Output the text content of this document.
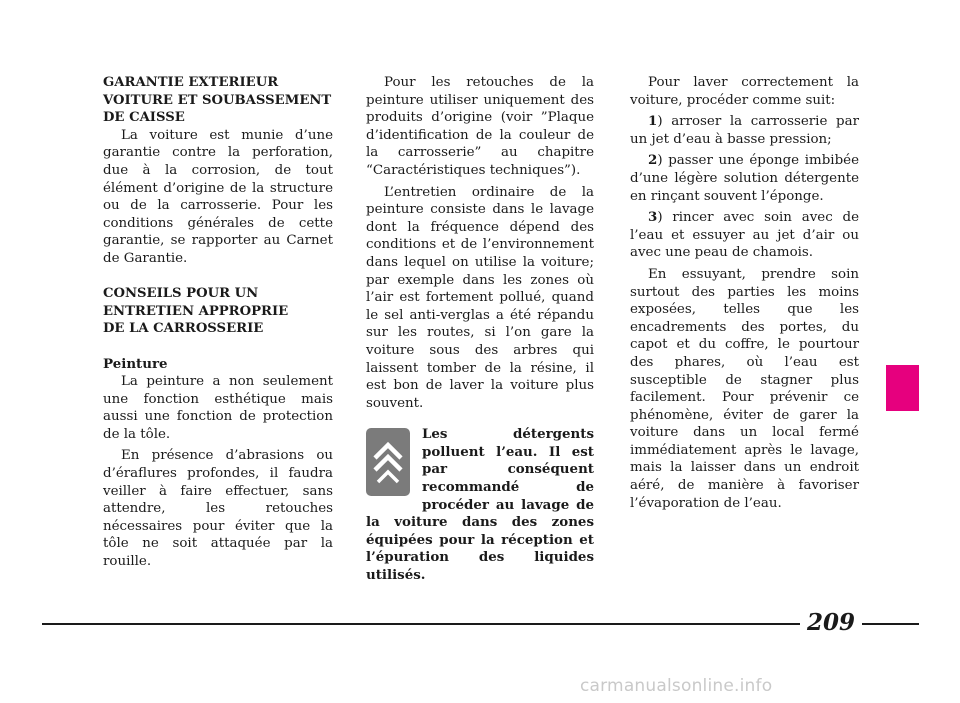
GARANTIE EXTERIEUR
VOITURE ET SOUBASSEMENT
DE CAISSE

La voiture est munie d’une garantie contre la perforation, due à la corrosion, de tout élément d’origine de la structure ou de la carrosserie. Pour les conditions générales de cette garantie, se rapporter au Carnet de Garantie.

CONSEILS POUR UN
ENTRETIEN APPROPRIE
DE LA CARROSSERIE
Peinture

La peinture a non seulement une fonction esthétique mais aussi une fonction de protection de la tôle.

En présence d’abrasions ou d’éraflures profondes, il faudra veiller à faire effectuer, sans attendre, les retouches nécessaires pour éviter que la tôle ne soit attaquée par la rouille.

Pour les retouches de la peinture utiliser uniquement des produits d’origine (voir ”Plaque d’identification de la couleur de la carrosserie” au chapitre “Caractéristiques techniques”).

L’entretien ordinaire de la peinture consiste dans le lavage dont la fréquence dépend des conditions et de l’environnement dans lequel on utilise la voiture; par exemple dans les zones où l’air est fortement pollué, quand le sel anti-verglas a été répandu sur les routes, si l’on gare la voiture sous des arbres qui laissent tomber de la résine, il est bon de laver la voiture plus souvent.

Les détergents polluent l’eau. Il est par conséquent recommandé de procéder au lavage de la voiture dans des zones équipées pour la réception et l’épuration des liquides utilisés.

Pour laver correctement la voiture, procéder comme suit:

1) arroser la carrosserie par un jet d’eau à basse pression;

2) passer une éponge imbibée d’une légère solution détergente en rinçant souvent l’éponge.

3) rincer avec soin avec de l’eau et essuyer au jet d’air ou avec une peau de chamois.

En essuyant, prendre soin surtout des parties les moins exposées, telles que les encadrements des portes, du capot et du coffre, le pourtour des phares, où l’eau est susceptible de stagner plus facilement. Pour prévenir ce phénomène, éviter de garer la voiture dans un local fermé immédiatement après le lavage, mais la laisser dans un endroit aéré, de manière à favoriser l’évaporation de l’eau.

209
carmanualsonline.info
